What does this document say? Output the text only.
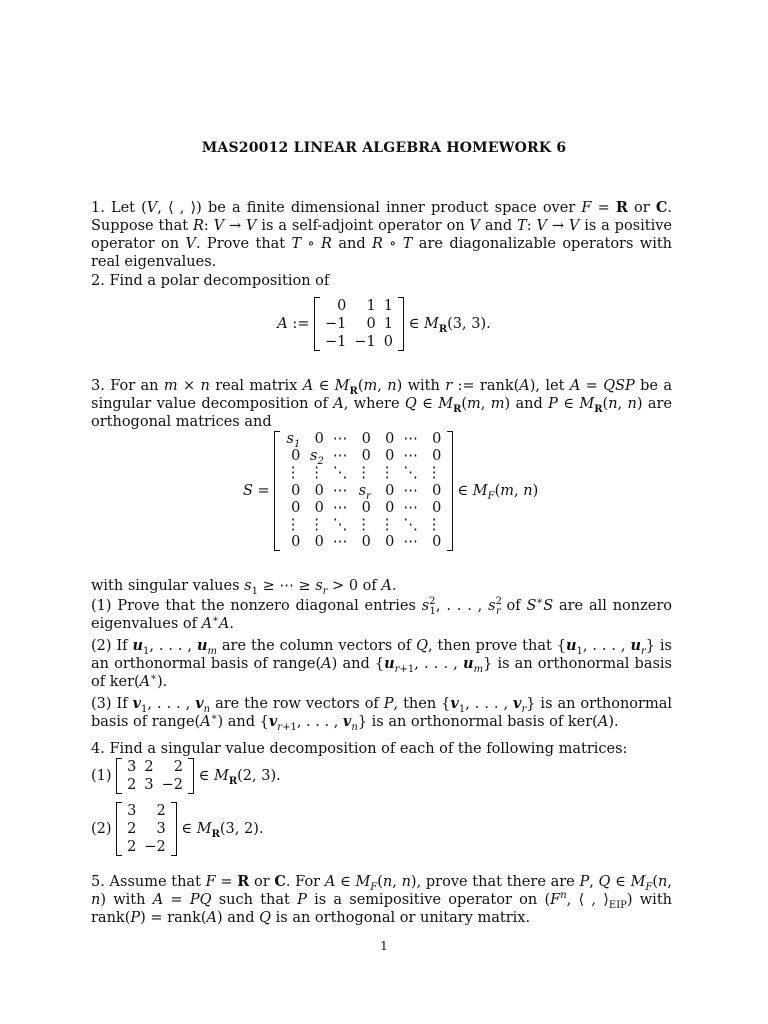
MAS20012 LINEAR ALGEBRA HOMEWORK 6

1. Let (V, ⟨ , ⟩) be a finite dimensional inner product space over F = R or C. Suppose that R: V → V is a self-adjoint operator on V and T: V → V is a positive operator on V. Prove that T ∘ R and R ∘ T are diagonalizable operators with real eigenvalues.

2. Find a polar decomposition of
A :=
0	1	1
−1	0	1
−1	−1	0
∈ $M_R(3$, 3).

3. For an m × n real matrix A ∈ $M_R(m$, n) with r := rank(A), let A = QSP be a singular value decomposition of A, where Q ∈ $M_R(m$, m) and P ∈ $M_R(n$, n) are orthogonal matrices and

S =
$s_1$	0	⋯	0	0	⋯	0
0	$s_2$	⋯	0	0	⋯	0
⋮	⋮	⋱	⋮	⋮	⋱	⋮
0	0	⋯	$s_r$	0	⋯	0
0	0	⋯	0	0	⋯	0
⋮	⋮	⋱	⋮	⋮	⋱	⋮
0	0	⋯	0	0	⋯	0
∈ $M_F(m$, n)

with singular values $s_1$ ≥ ⋯ ≥ $s_r > 0$ of A.

(1) Prove that the nonzero diagonal entries $s^2_1$, . . . , $s^2_r$ of S∗S are all nonzero eigenvalues of A∗A.

(2) If $u_1$, . . . , $u_m$ are the column vectors of Q, then prove that {$u_1$, . . . , $u_r$} is an orthonormal basis of range(A) and {$u_{r+1}$, . . . , $u_m$} is an orthonormal basis of ker(A∗).

(3) If $v_1$, . . . , $v_n$ are the row vectors of P, then {$v_1$, . . . , $v_r$} is an orthonormal basis of range(A∗) and {$v_{r+1}$, . . . , $v_n$} is an orthonormal basis of ker(A).

4. Find a singular value decomposition of each of the following matrices:
(1)
3	2	2
2	3	−2
∈ $M_R(2$, 3).
(2)
3	2
2	3
2	−2
∈ $M_R(3$, 2).

5. Assume that F = R or C. For A ∈ $M_F(n$, n), prove that there are P, Q ∈ $M_F(n$, n) with A = PQ such that P is a semipositive operator on ($F^n$, ⟨ , $⟩_{EIP}$) with rank(P) = rank(A) and Q is an orthogonal or unitary matrix.

1
